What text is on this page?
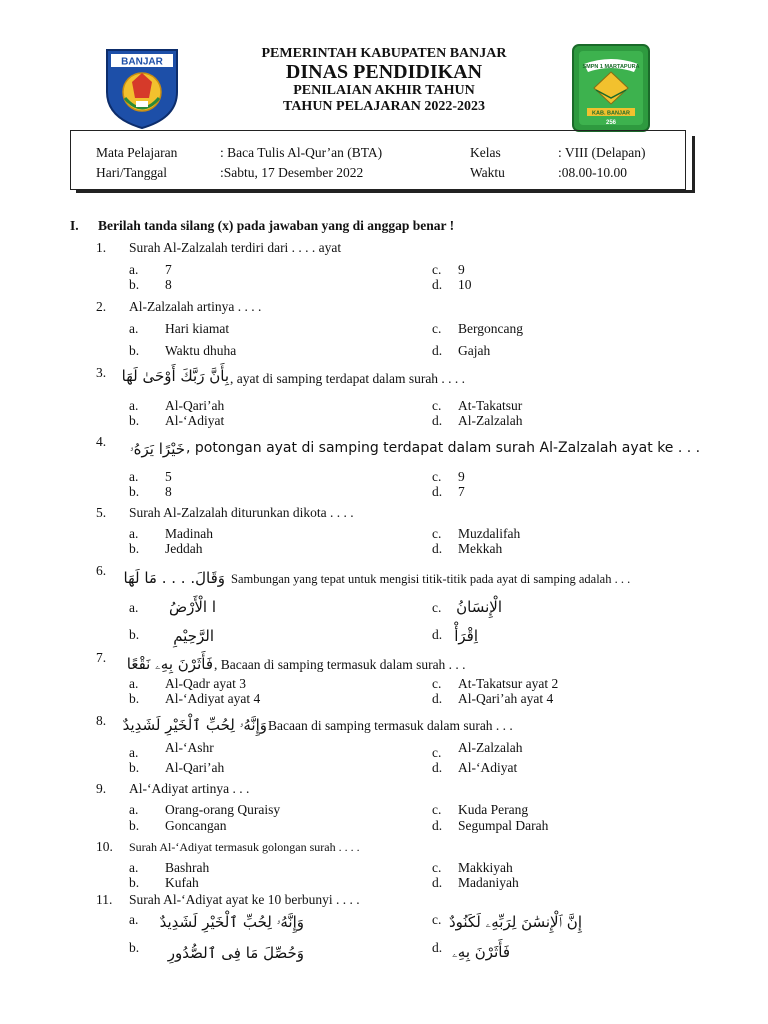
BANJAR	SMPN 1 MARTAPURA
KAB. BANJAR
256
PEMERINTAH KABUPATEN BANJAR
DINAS PENDIDIKAN
PENILAIAN AKHIR TAHUN
TAHUN PELAJARAN 2022-2023
Mata Pelajaran	: Baca Tulis Al-Qur’an (BTA)	Kelas	: VIII (Delapan)
Hari/Tanggal	:Sabtu, 17 Desember 2022	Waktu	:08.00-10.00
I. Berilah tanda silang (x) pada jawaban yang di anggap benar !
1. Surah Al-Zalzalah terdiri dari . . . . ayat
a. 7
b. 8
c. 9
d. 10
2. Al-Zalzalah artinya . . . .
a. Hari kiamat
b. Waktu dhuha
c. Bergoncang
d. Gajah
3. بِأَنَّ رَبَّكَ أَوْحَىٰ لَهَا , ayat di samping terdapat dalam surah . . . .
a. Al-Qari’ah
b. Al-‘Adiyat
c. At-Takatsur
d. Al-Zalzalah
4. خَيْرًا يَرَهُۥ , potongan ayat di samping terdapat dalam surah Al-Zalzalah ayat ke . . .
a. 5
b. 8
c. 9
d. 7
5. Surah Al-Zalzalah diturunkan dikota . . . .
a. Madinah
b. Jeddah
c. Muzdalifah
d. Mekkah
6. وَقَالَ. . . . مَا لَهَا Sambungan yang tepat untuk mengisi titik-titik pada ayat di samping adalah . . .
a.	ا الْأَرْضُ
b.	الرَّحِيْمِ
c. الْإِنسَانُ
d. اِقْرَأْ
7. فَأَثَرْنَ بِهِۦ نَقْعًا , Bacaan di samping termasuk dalam surah . . .
a. Al-Qadr ayat 3
b. Al-‘Adiyat ayat 4
c. At-Takatsur ayat 2
d. Al-Qari’ah ayat 4
8. وَإِنَّهُۥ لِحُبِّ ٱلْخَيْرِ لَشَدِيدٌ Bacaan di samping termasuk dalam surah . . .
a. Al-‘Ashr
b. Al-Qari’ah
c. Al-Zalzalah
d. Al-‘Adiyat
9. Al-‘Adiyat artinya . . .
a. Orang-orang Quraisy
b. Goncangan
c. Kuda Perang
d. Segumpal Darah
10. Surah Al-‘Adiyat termasuk golongan surah . . . .
a. Bashrah
b. Kufah
c. Makkiyah
d. Madaniyah
11. Surah Al-‘Adiyat ayat ke 10 berbunyi . . . .
a.	وَإِنَّهُۥ لِحُبِّ ٱلْخَيْرِ لَشَدِيدٌ
b.	وَحُصِّلَ مَا فِى ٱلصُّدُورِ
c. إِنَّ ٱلْإِنسَٰنَ لِرَبِّهِۦ لَكَنُودٌ
d. فَأَثَرْنَ بِهِۦ
